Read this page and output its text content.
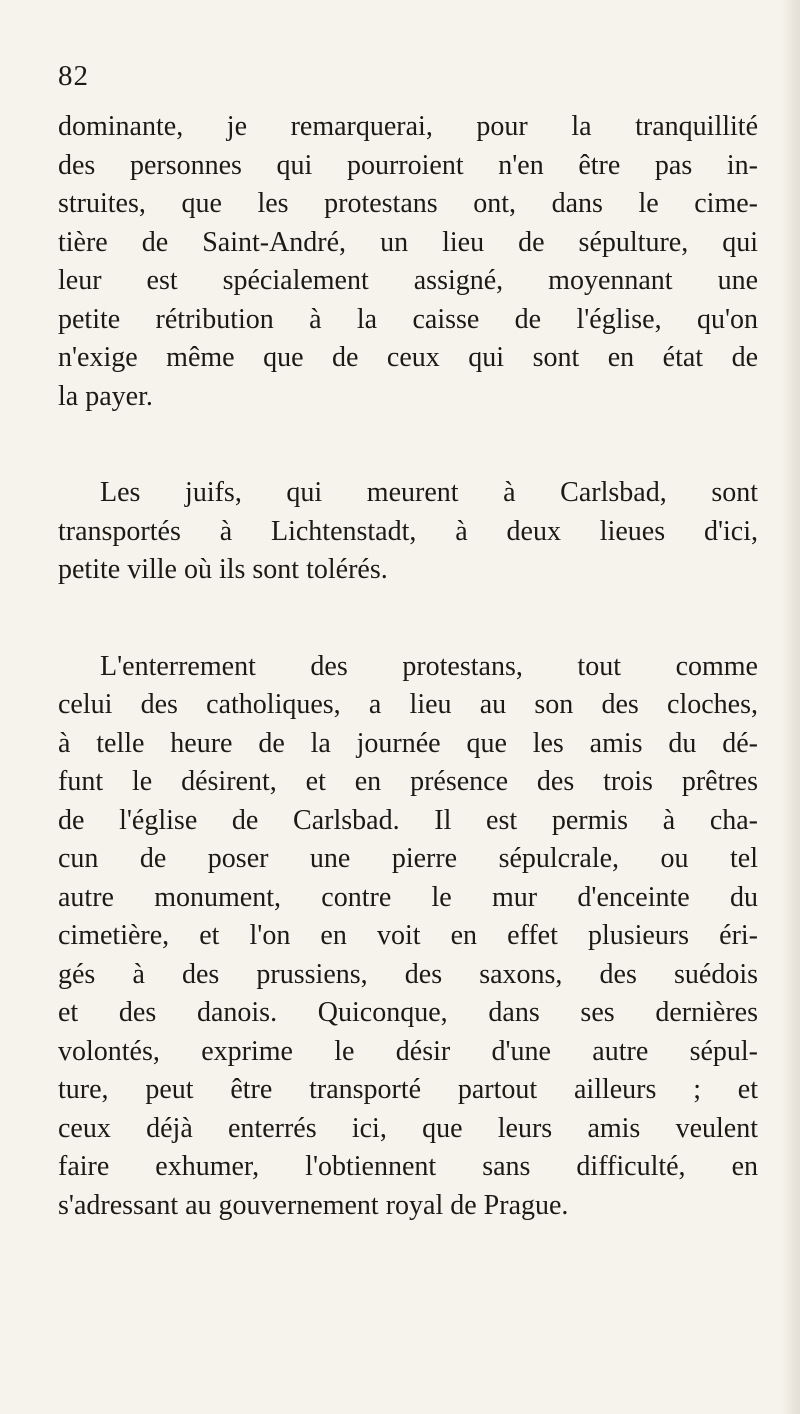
82
dominante, je remarquerai, pour la tranquillité
des personnes qui pourroient n'en être pas in-
struites, que les protestans ont, dans le cime-
tière de Saint-André, un lieu de sépulture, qui
leur est spécialement assigné, moyennant une
petite rétribution à la caisse de l'église, qu'on
n'exige même que de ceux qui sont en état de
la payer.
Les juifs, qui meurent à Carlsbad, sont
transportés à Lichtenstadt, à deux lieues d'ici,
petite ville où ils sont tolérés.
L'enterrement des protestans, tout comme
celui des catholiques, a lieu au son des cloches,
à telle heure de la journée que les amis du dé-
funt le désirent, et en présence des trois prêtres
de l'église de Carlsbad. Il est permis à cha-
cun de poser une pierre sépulcrale, ou tel
autre monument, contre le mur d'enceinte du
cimetière, et l'on en voit en effet plusieurs éri-
gés à des prussiens, des saxons, des suédois
et des danois. Quiconque, dans ses dernières
volontés, exprime le désir d'une autre sépul-
ture, peut être transporté partout ailleurs ; et
ceux déjà enterrés ici, que leurs amis veulent
faire exhumer, l'obtiennent sans difficulté, en
s'adressant au gouvernement royal de Prague.
